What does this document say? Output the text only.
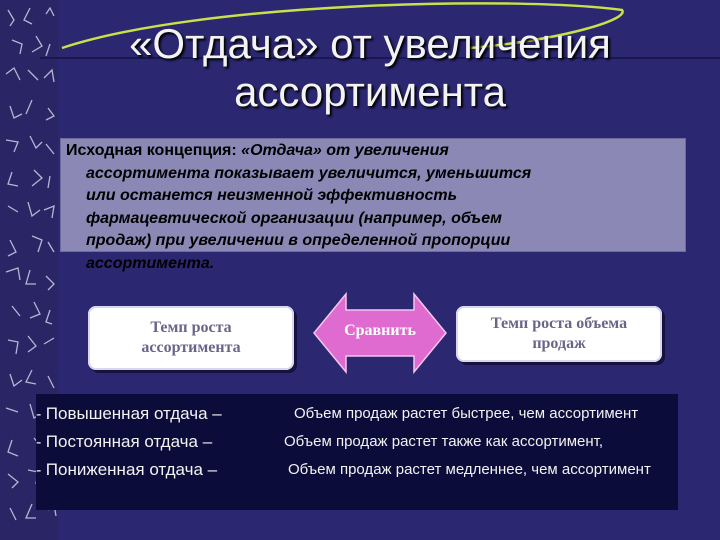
«Отдача» от увеличения
ассортимента
Исходная концепция: «Отдача» от увеличения
ассортимента показывает увеличится, уменьшится
или останется неизменной эффективность
фармацевтической организации (например, объем
продаж) при увеличении в определенной пропорции
ассортимента.
Темп роста
ассортимента
Сравнить	Темп роста объема
продаж
- Повышенная отдача –	Объем продаж растет быстрее, чем ассортимент
- Постоянная отдача –	Объем продаж растет также как ассортимент,
- Пониженная отдача –	Объем продаж растет медленнее, чем ассортимент
